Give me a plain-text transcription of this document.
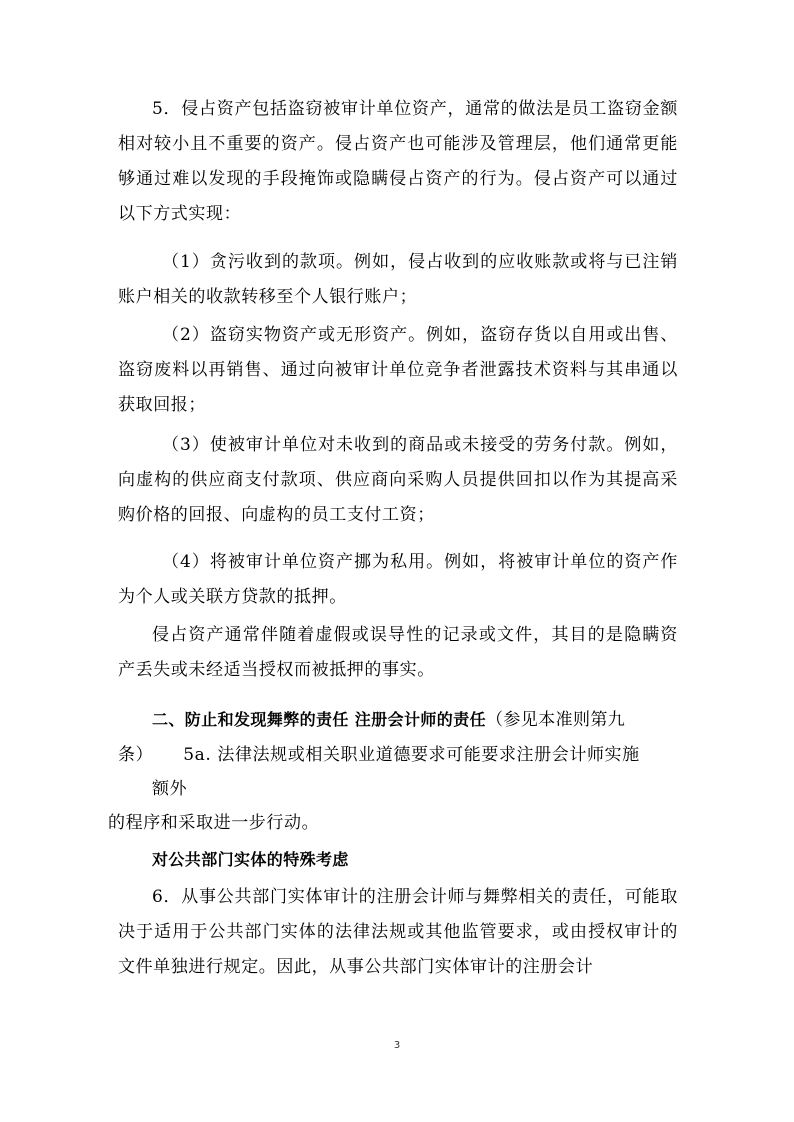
5．侵占资产包括盗窃被审计单位资产，通常的做法是员工盗窃金额相对较小且不重要的资产。侵占资产也可能涉及管理层，他们通常更能够通过难以发现的手段掩饰或隐瞒侵占资产的行为。侵占资产可以通过以下方式实现：

（1）贪污收到的款项。例如，侵占收到的应收账款或将与已注销账户相关的收款转移至个人银行账户；

（2）盗窃实物资产或无形资产。例如，盗窃存货以自用或出售、盗窃废料以再销售、通过向被审计单位竞争者泄露技术资料与其串通以获取回报；

（3）使被审计单位对未收到的商品或未接受的劳务付款。例如，向虚构的供应商支付款项、供应商向采购人员提供回扣以作为其提高采购价格的回报、向虚构的员工支付工资；

（4）将被审计单位资产挪为私用。例如，将被审计单位的资产作为个人或关联方贷款的抵押。

侵占资产通常伴随着虚假或误导性的记录或文件，其目的是隐瞒资产丢失或未经适当授权而被抵押的事实。

二、防止和发现舞弊的责任 注册会计师的责任（参见本准则第九

条） 5a. 法律法规或相关职业道德要求可能要求注册会计师实施

额外

的程序和采取进一步行动。

对公共部门实体的特殊考虑

6．从事公共部门实体审计的注册会计师与舞弊相关的责任，可能取决于适用于公共部门实体的法律法规或其他监管要求，或由授权审计的文件单独进行规定。因此，从事公共部门实体审计的注册会计

3
